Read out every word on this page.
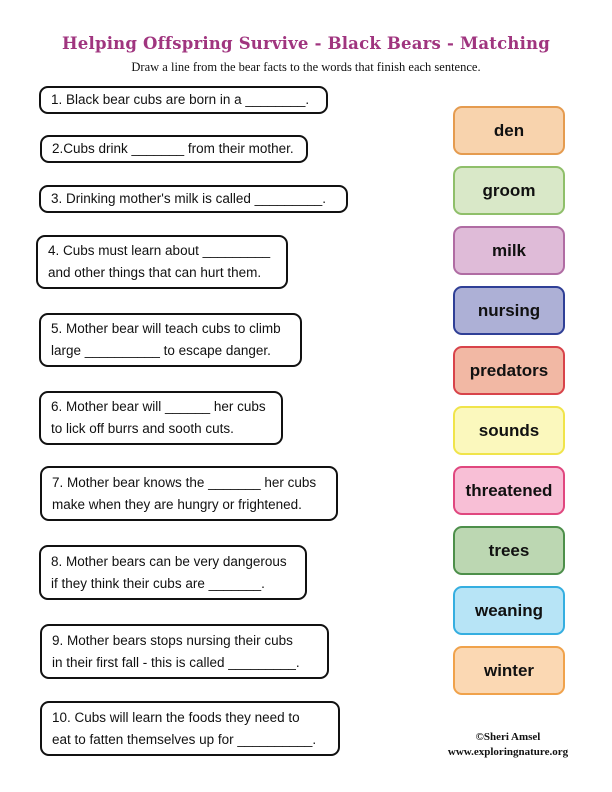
Helping Offspring Survive - Black Bears - Matching
Draw a line from the bear facts to the words that finish each sentence.
1. Black bear cubs are born in a ________.
2.Cubs drink _______ from their mother.
3. Drinking mother's milk is called _________.
4. Cubs must learn about _________
and other things that can hurt them.
5. Mother bear will teach cubs to climb
large __________ to escape danger.
6. Mother bear will ______ her cubs
to lick off burrs and sooth cuts.
7. Mother bear knows the _______ her cubs
make when they are hungry or frightened.
8. Mother bears can be very dangerous
if they think their cubs are _______.
9. Mother bears stops nursing their cubs
in their first fall - this is called _________.
10. Cubs will learn the foods they need to
eat to fatten themselves up for __________.
den
groom
milk
nursing
predators
sounds
threatened
trees
weaning
winter
©Sheri Amsel
www.exploringnature.org
